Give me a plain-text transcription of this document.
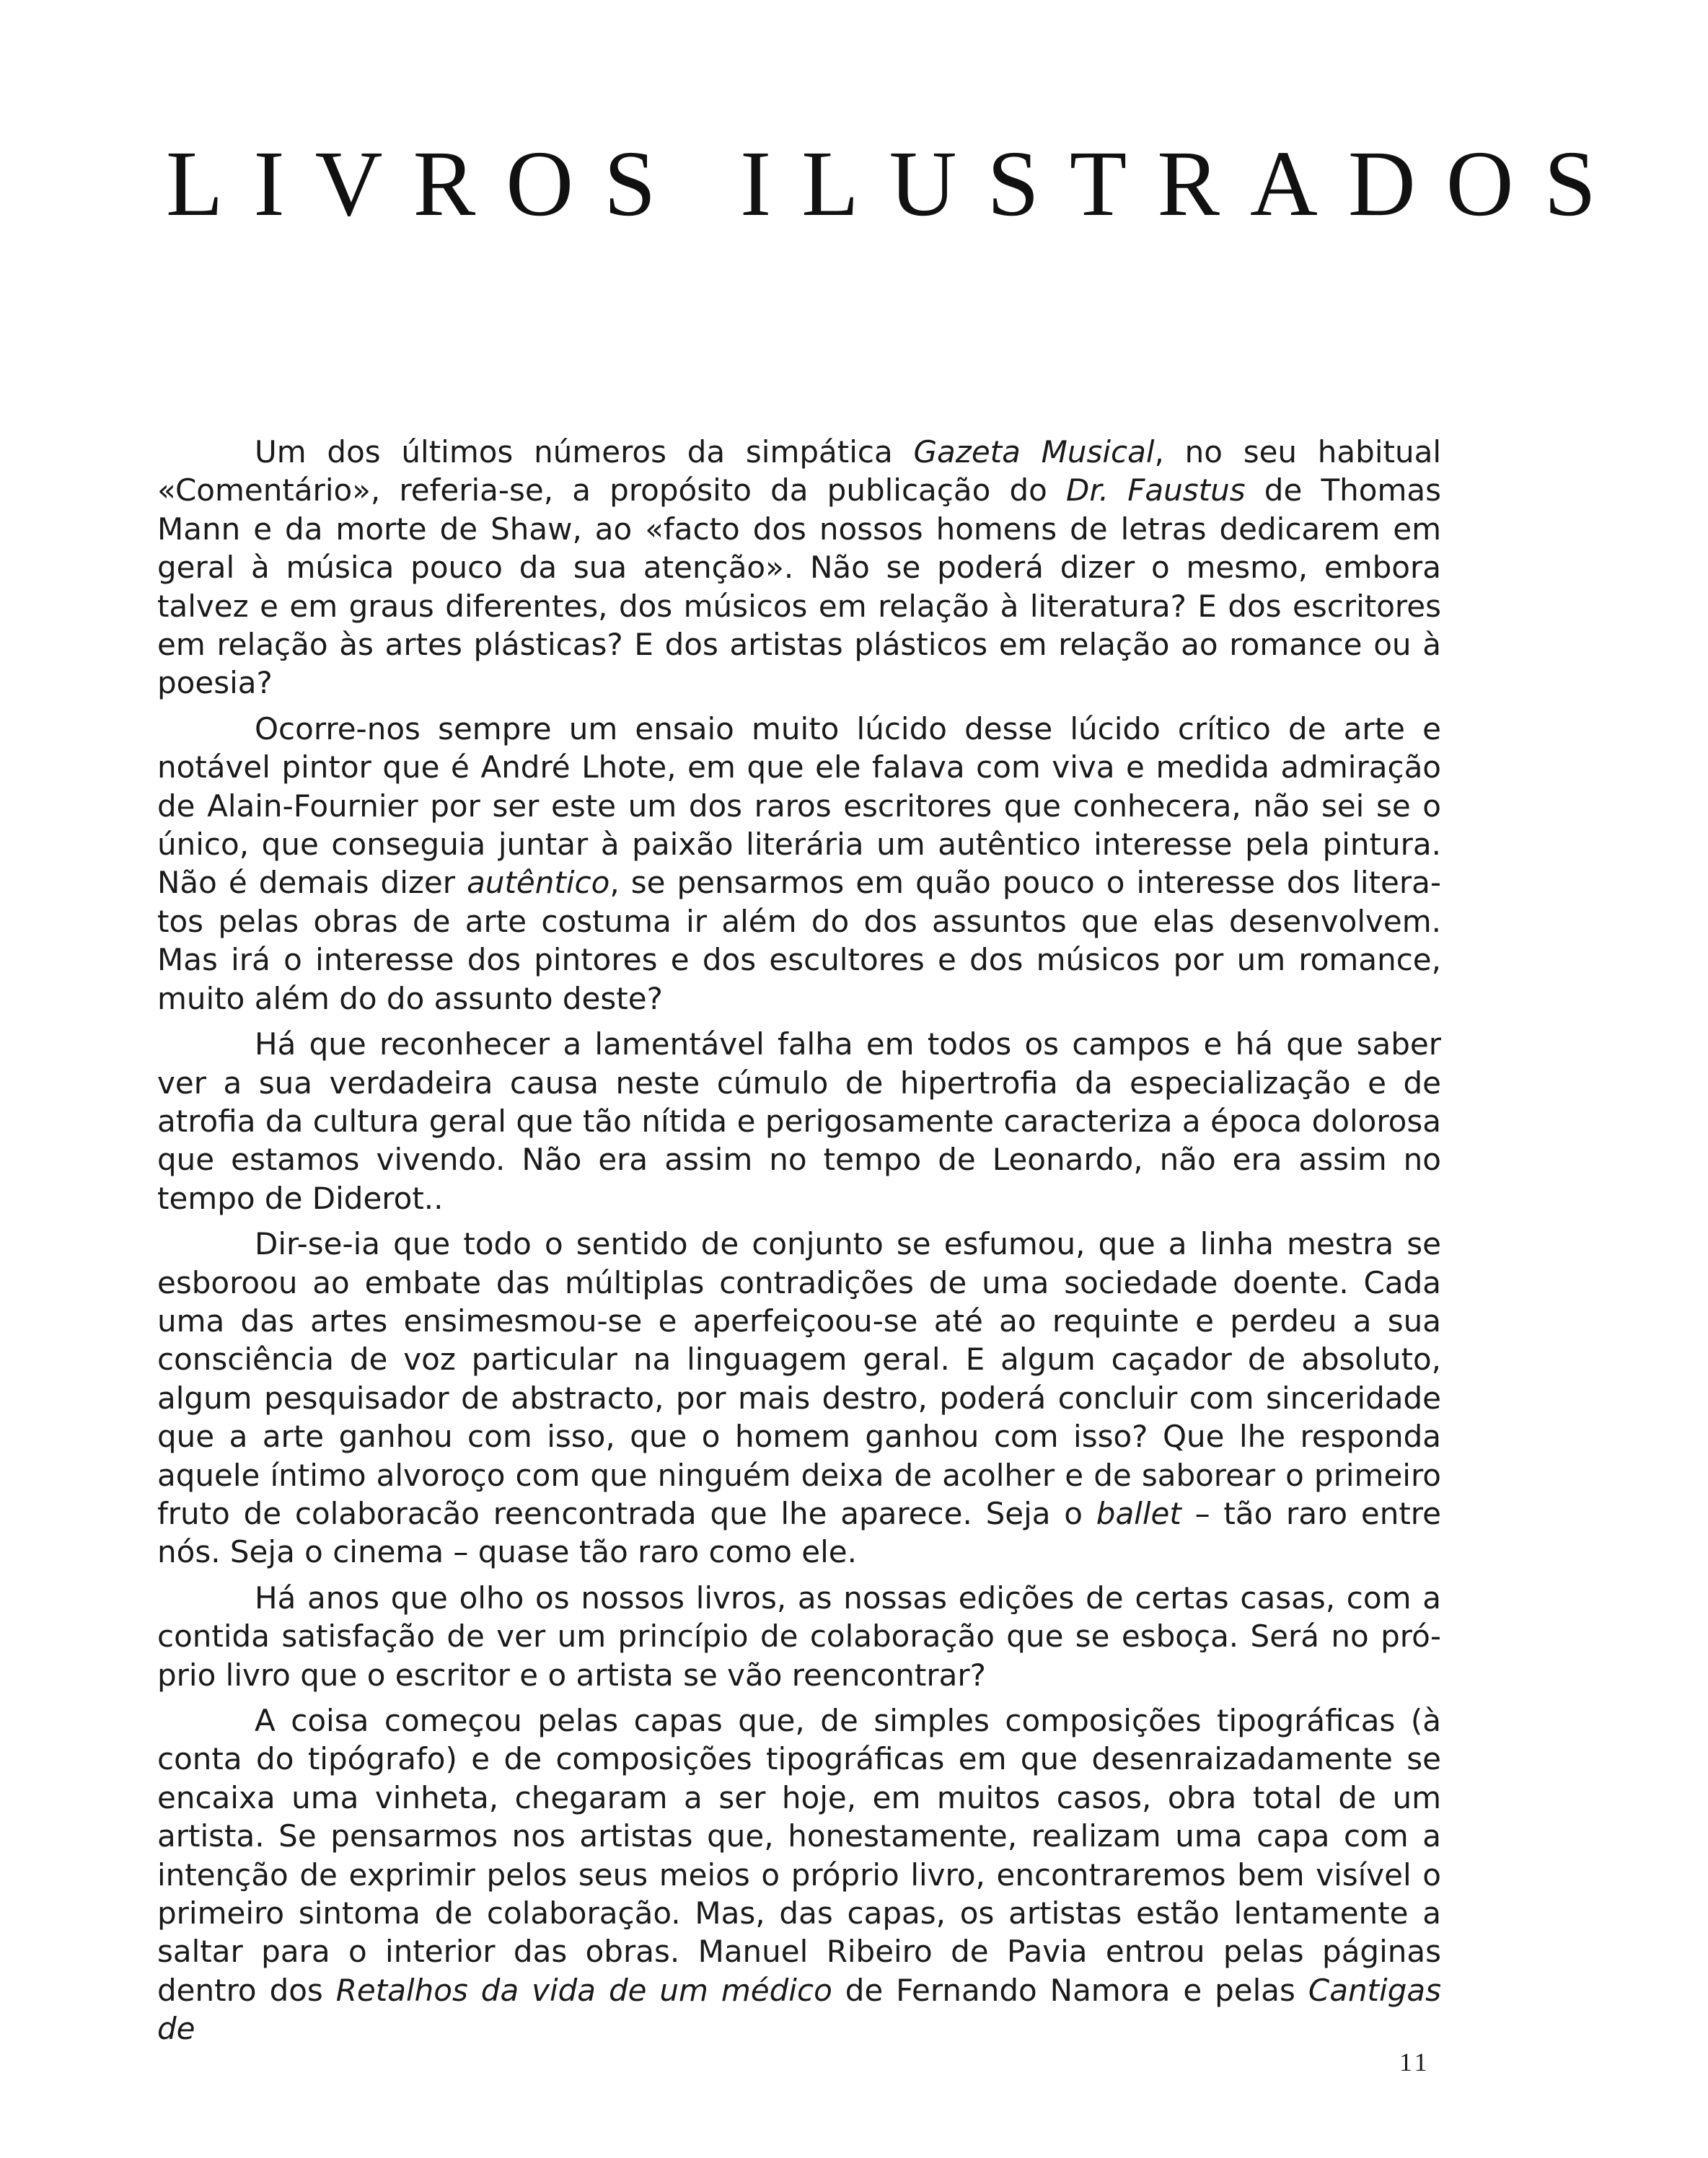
LIVROS ILUSTRADOS

Um dos últimos números da simpática Gazeta Musical, no seu habitual «Comentário», referia-se, a propósito da publicação do Dr. Faustus de Thomas Mann e da morte de Shaw, ao «facto dos nossos homens de letras dedicarem em geral à música pouco da sua atenção». Não se poderá dizer o mesmo, embora talvez e em graus diferentes, dos músicos em relação à literatura? E dos escritores em relação às artes plásticas? E dos artistas plásticos em relação ao romance ou à poesia?

Ocorre-nos sempre um ensaio muito lúcido desse lúcido crítico de arte e notável pintor que é André Lhote, em que ele falava com viva e medida admiração de Alain-Fournier por ser este um dos raros escritores que conhecera, não sei se o único, que conseguia juntar à paixão literária um autêntico interesse pela pintura. Não é demais dizer autêntico, se pensarmos em quão pouco o interesse dos literatos pelas obras de arte costuma ir além do dos assuntos que elas desenvolvem. Mas irá o interesse dos pintores e dos escultores e dos músicos por um romance, muito além do do assunto deste?

Há que reconhecer a lamentável falha em todos os campos e há que saber ver a sua verdadeira causa neste cúmulo de hipertrofia da especialização e de atrofia da cultura geral que tão nítida e perigosamente caracteriza a época dolorosa que estamos vivendo. Não era assim no tempo de Leonardo, não era assim no tempo de Diderot..

Dir-se-ia que todo o sentido de conjunto se esfumou, que a linha mestra se esboroou ao embate das múltiplas contradições de uma sociedade doente. Cada uma das artes ensimesmou-se e aperfeiçoou-se até ao requinte e perdeu a sua consciência de voz particular na linguagem geral. E algum caçador de absoluto, algum pesquisador de abstracto, por mais destro, poderá concluir com sinceridade que a arte ganhou com isso, que o homem ganhou com isso? Que lhe responda aquele íntimo alvoroço com que ninguém deixa de acolher e de saborear o primeiro fruto de colaboracão reencontrada que lhe aparece. Seja o ballet – tão raro entre nós. Seja o cinema – quase tão raro como ele.

Há anos que olho os nossos livros, as nossas edições de certas casas, com a contida satisfação de ver um princípio de colaboração que se esboça. Será no próprio livro que o escritor e o artista se vão reencontrar?

A coisa começou pelas capas que, de simples composições tipográficas (à conta do tipógrafo) e de composições tipográficas em que desenraizadamente se encaixa uma vinheta, chegaram a ser hoje, em muitos casos, obra total de um artista. Se pensarmos nos artistas que, honestamente, realizam uma capa com a intenção de exprimir pelos seus meios o próprio livro, encontraremos bem visível o primeiro sintoma de colaboração. Mas, das capas, os artistas estão lentamente a saltar para o interior das obras. Manuel Ribeiro de Pavia entrou pelas páginas dentro dos Retalhos da vida de um médico de Fernando Namora e pelas Cantigas de

11
